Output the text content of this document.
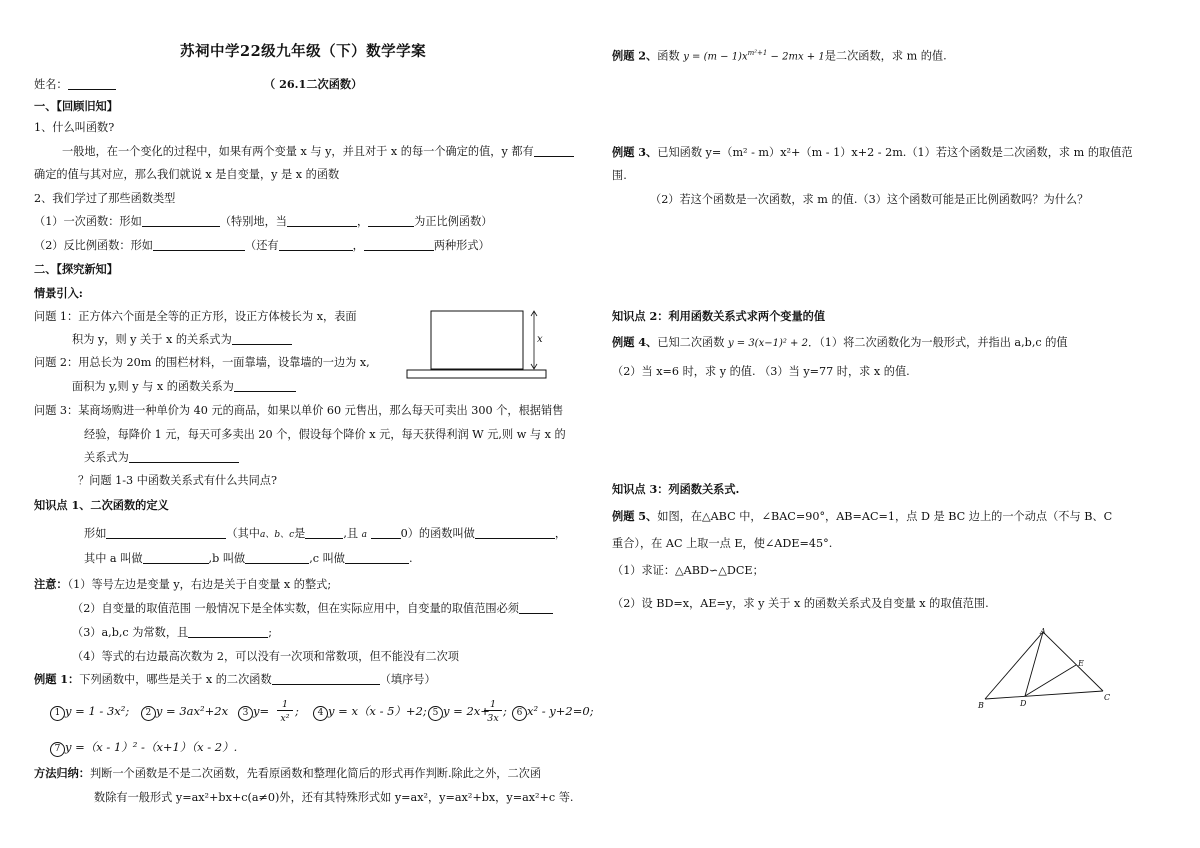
苏祠中学22级九年级（下）数学学案
姓名：	（ 26.1二次函数）
一、【回顾旧知】
1、什么叫函数?
一般地，在一个变化的过程中，如果有两个变量 x 与 y，并且对于 x 的每一个确定的值，y 都有
确定的值与其对应，那么我们就说 x 是自变量，y 是 x 的函数
2、我们学过了那些函数类型
（1）一次函数：形如	（特别地，当	，	为正比例函数）
（2）反比例函数：形如	（还有	，	两种形式）
二、【探究新知】
情景引入:
问题 1：正方体六个面是全等的正方形，设正方体棱长为 x，表面
积为 y，则 y 关于 x 的关系式为
问题 2：用总长为 20m 的围栏材料，一面靠墙，设靠墙的一边为 x,
面积为 y,则 y 与 x 的函数关系为
x
问题 3：某商场购进一种单价为 40 元的商品，如果以单价 60 元售出，那么每天可卖出 300 个，根据销售
经验，每降价 1 元，每天可多卖出 20 个，假设每个降价 x 元，每天获得利润 W 元,则 w 与 x 的
关系式为
？问题 1-3 中函数关系式有什么共同点?
知识点 1、二次函数的定义
形如	（其中a、b、c是	,且 a	0）的函数叫做	，
其中 a 叫做	,b 叫做	,c 叫做	.
注意：（1）等号左边是变量 y，右边是关于自变量 x 的整式;
（2）自变量的取值范围 一般情况下是全体实数，但在实际应用中，自变量的取值范围必须
（3）a,b,c 为常数，且	;
（4）等式的右边最高次数为 2，可以没有一次项和常数项，但不能没有二次项
例题 1：下列函数中，哪些是关于 x 的二次函数	（填序号）
1 y = 1 - 3x²; 2 y = 3ax²+2x	3 y=	1
x²
;	4 y = x（x - 5）+2; 5 y = 2x+ 1
3x
;	6 x² - y+2=0;
7 y =（x - 1）² -（x+1）（x - 2）.
方法归纳：判断一个函数是不是二次函数，先看原函数和整理化简后的形式再作判断.除此之外，二次函
数除有一般形式 y=ax²+bx+c(a≠0)外，还有其特殊形式如 y=ax²，y=ax²+bx，y=ax²+c 等.
例题 2、函数 $y = (m - 1)x^{m^2+1} - 2mx + 1$是二次函数，求 m 的值.
例题 3、已知函数 y=（m² - m）x²+（m - 1）x+2 - 2m.（1）若这个函数是二次函数，求 m 的取值范
围.
（2）若这个函数是一次函数，求 m 的值.（3）这个函数可能是正比例函数吗？为什么？
知识点 2：利用函数关系式求两个变量的值
例题 4、已知二次函数 y = 3(x−1)² + 2．（1）将二次函数化为一般形式，并指出 a,b,c 的值
（2）当 x=6 时，求 y 的值. （3）当 y=77 时，求 x 的值.
知识点 3：列函数关系式.
例题 5、如图，在△ABC 中，∠BAC=90°，AB=AC=1，点 D 是 BC 边上的一个动点（不与 B、C
重合），在 AC 上取一点 E，使∠ADE=45°.
（1）求证：△ABD∽△DCE；
（2）设 BD=x，AE=y，求 y 关于 x 的函数关系式及自变量 x 的取值范围.
A
B
C
D
E
